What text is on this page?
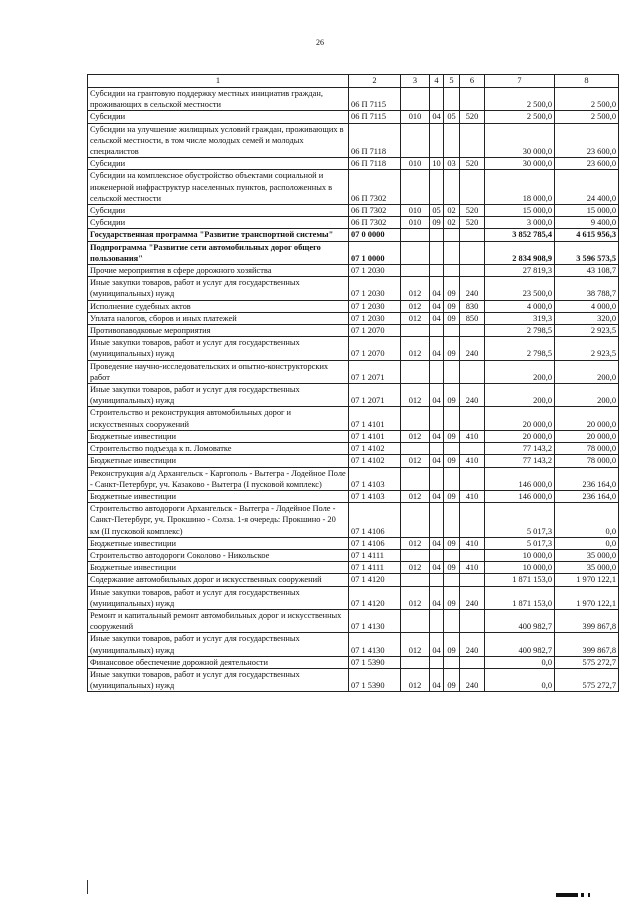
26
1	2	3	4	5	6	7	8
Субсидии на грантовую поддержку местных инициатив граждан, проживающих в сельской местности	06 П 7115					2 500,0	2 500,0
Субсидии	06 П 7115	010	04	05	520	2 500,0	2 500,0
Субсидии на улучшение жилищных условий граждан, проживающих в сельской местности, в том числе молодых семей и молодых специалистов	06 П 7118					30 000,0	23 600,0
Субсидии	06 П 7118	010	10	03	520	30 000,0	23 600,0
Субсидии на комплексное обустройство объектами социальной и инженерной инфраструктур населенных пунктов, расположенных в сельской местности	06 П 7302					18 000,0	24 400,0
Субсидии	06 П 7302	010	05	02	520	15 000,0	15 000,0
Субсидии	06 П 7302	010	09	02	520	3 000,0	9 400,0
Государственная программа "Развитие транспортной системы"	07 0 0000					3 852 785,4	4 615 956,3
Подпрограмма "Развитие сети автомобильных дорог общего пользования"	07 1 0000					2 834 908,9	3 596 573,5
Прочие мероприятия в сфере дорожного хозяйства	07 1 2030					27 819,3	43 108,7
Иные закупки товаров, работ и услуг для государственных (муниципальных) нужд	07 1 2030	012	04	09	240	23 500,0	38 788,7
Исполнение судебных актов	07 1 2030	012	04	09	830	4 000,0	4 000,0
Уплата налогов, сборов и иных платежей	07 1 2030	012	04	09	850	319,3	320,0
Противопаводковые мероприятия	07 1 2070					2 798,5	2 923,5
Иные закупки товаров, работ и услуг для государственных (муниципальных) нужд	07 1 2070	012	04	09	240	2 798,5	2 923,5
Проведение научно-исследовательских и опытно-конструкторских работ	07 1 2071					200,0	200,0
Иные закупки товаров, работ и услуг для государственных (муниципальных) нужд	07 1 2071	012	04	09	240	200,0	200,0
Строительство и реконструкция автомобильных дорог и искусственных сооружений	07 1 4101					20 000,0	20 000,0
Бюджетные инвестиции	07 1 4101	012	04	09	410	20 000,0	20 000,0
Строительство подъезда к п. Ломоватке	07 1 4102					77 143,2	78 000,0
Бюджетные инвестиции	07 1 4102	012	04	09	410	77 143,2	78 000,0
Реконструкция а/д Архангельск - Каргополь - Вытегра - Лодейное Поле - Санкт-Петербург, уч. Казакoво - Вытегра (I пусковой комплекс)	07 1 4103					146 000,0	236 164,0
Бюджетные инвестиции	07 1 4103	012	04	09	410	146 000,0	236 164,0
Строительство автодороги Архангельск - Вытегра - Лодейное Поле - Санкт-Петербург, уч. Прокшино - Солза. 1-я очередь: Прокшино - 20 км (II пусковой комплекс)	07 1 4106					5 017,3	0,0
Бюджетные инвестиции	07 1 4106	012	04	09	410	5 017,3	0,0
Строительство автодороги Соколово - Никольское	07 1 4111					10 000,0	35 000,0
Бюджетные инвестиции	07 1 4111	012	04	09	410	10 000,0	35 000,0
Содержание автомобильных дорог и искусственных сооружений	07 1 4120					1 871 153,0	1 970 122,1
Иные закупки товаров, работ и услуг для государственных (муниципальных) нужд	07 1 4120	012	04	09	240	1 871 153,0	1 970 122,1
Ремонт и капитальный ремонт автомобильных дорог и искусственных сооружений	07 1 4130					400 982,7	399 867,8
Иные закупки товаров, работ и услуг для государственных (муниципальных) нужд	07 1 4130	012	04	09	240	400 982,7	399 867,8
Финансовое обеспечение дорожной деятельности	07 1 5390					0,0	575 272,7
Иные закупки товаров, работ и услуг для государственных (муниципальных) нужд	07 1 5390	012	04	09	240	0,0	575 272,7
